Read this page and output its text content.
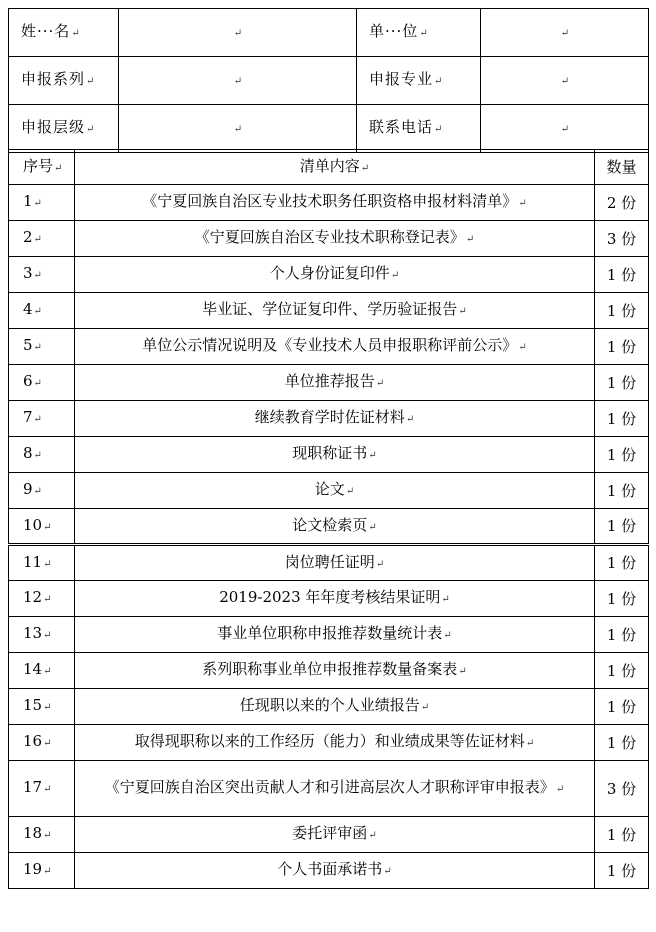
姓···名↵	↵	单···位↵	↵
申报系列↵	↵	申报专业↵	↵
申报层级↵	↵	联系电话↵	↵
序号↵	清单内容↵	数量
1↵	《宁夏回族自治区专业技术职务任职资格申报材料清单》↵	2 份
2↵	《宁夏回族自治区专业技术职称登记表》↵	3 份
3↵	个人身份证复印件↵	1 份
4↵	毕业证、学位证复印件、学历验证报告↵	1 份
5↵	单位公示情况说明及《专业技术人员申报职称评前公示》↵	1 份
6↵	单位推荐报告↵	1 份
7↵	继续教育学时佐证材料↵	1 份
8↵	现职称证书↵	1 份
9↵	论文↵	1 份
10↵	论文检索页↵	1 份
11↵	岗位聘任证明↵	1 份
12↵	2019-2023 年年度考核结果证明↵	1 份
13↵	事业单位职称申报推荐数量统计表↵	1 份
14↵	系列职称事业单位申报推荐数量备案表↵	1 份
15↵	任现职以来的个人业绩报告↵	1 份
16↵	取得现职称以来的工作经历（能力）和业绩成果等佐证材料↵	1 份
17↵	《宁夏回族自治区突出贡献人才和引进高层次人才职称评审申报表》↵	3 份
18↵	委托评审函↵	1 份
19↵	个人书面承诺书↵	1 份
